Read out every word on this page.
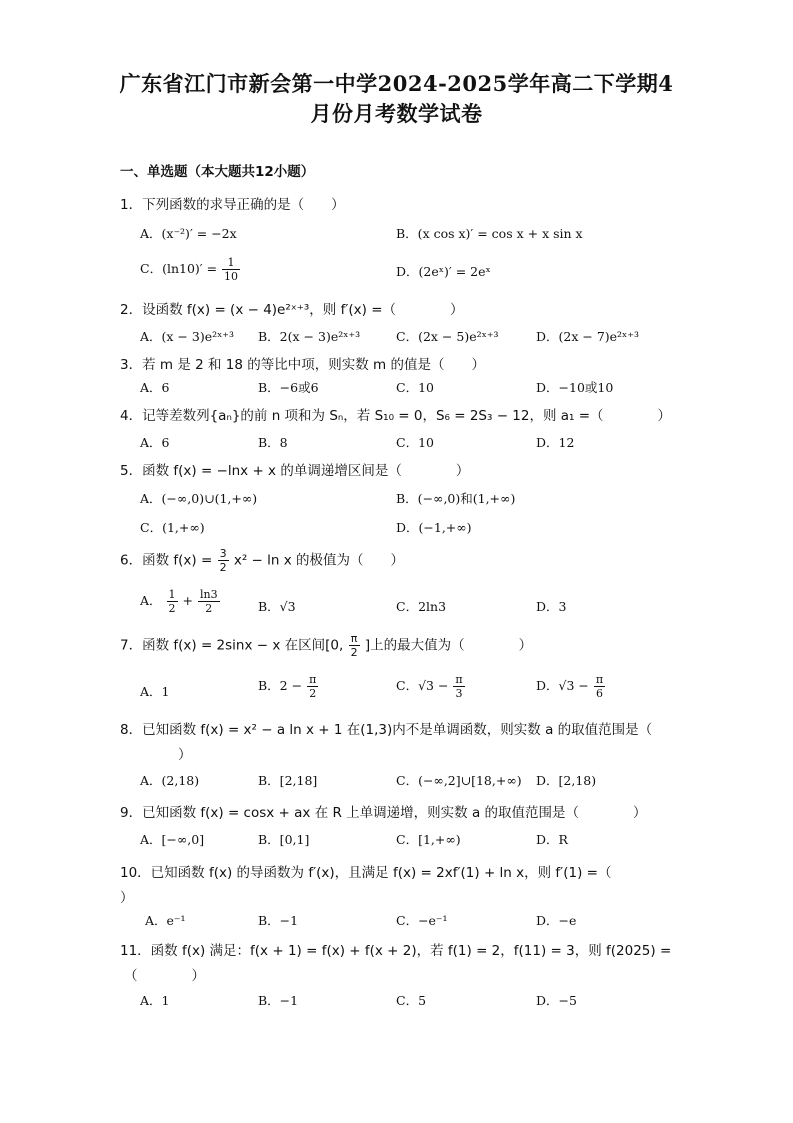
广东省江门市新会第一中学2024-2025学年高二下学期4
月份月考数学试卷
一、单选题（本大题共12小题）
1．下列函数的求导正确的是（　　）
A．(x⁻²)′ = −2x	B．(x cos x)′ = cos x + x sin x
C．$(\ln 10)' = \frac{1}{10}$	D．(2eˣ)′ = 2eˣ
2．设函数 f(x) = (x − 4)e²ˣ⁺³，则 f′(x) =（　　　　）
A．(x − 3)e²ˣ⁺³ B．2(x − 3)e²ˣ⁺³	C．(2x − 5)e²ˣ⁺³	D．(2x − 7)e²ˣ⁺³
3．若 m 是 2 和 18 的等比中项，则实数 m 的值是（　　）
A．6	B．−6或6	C．10	D．−10或10
4．记等差数列{aₙ}的前 n 项和为 Sₙ，若 S₁₀ = 0，S₆ = 2S₃ − 12，则 a₁ =（　　　　）
A．6	B．8	C．10	D．12
5．函数 f(x) = −lnx + x 的单调递增区间是（　　　　）
A．(−∞,0)∪(1,+∞)	B．(−∞,0)和(1,+∞)
C．(1,+∞)	D．(−1,+∞)
6．函数 $f(x) = \frac{3}{2} x^2 - \ln x$ 的极值为（　　）
A． $\frac{1}{2} + \frac{\ln 3}{2}$	B．√3	C．2ln3	D．3
7．函数 f(x) = 2sinx − x 在区间[0, $\frac{\pi}{2}$ ]上的最大值为（　　　　）
A．1	B．$2 - \frac{\pi}{2}$	C．$√3 - \frac{\pi}{3}$	D．$√3 - \frac{\pi}{6}$
8．已知函数 f(x) = x² − a ln x + 1 在(1,3)内不是单调函数，则实数 a 的取值范围是（
）
A．(2,18)	B．[2,18]	C．(−∞,2]∪[18,+∞) D．[2,18)
9．已知函数 f(x) = cosx + ax 在 R 上单调递增，则实数 a 的取值范围是（　　　　）
A．[−∞,0]	B．[0,1]	C．[1,+∞)	D．R
10．已知函数 f(x) 的导函数为 f′(x)，且满足 f(x) = 2xf′(1) + ln x，则 f′(1) =（
）
A．e⁻¹	B．−1	C．−e⁻¹	D．−e
11．函数 f(x) 满足：f(x + 1) = f(x) + f(x + 2)，若 f(1) = 2，f(11) = 3，则 f(2025) =
（　　　　）
A．1	B．−1	C．5	D．−5
